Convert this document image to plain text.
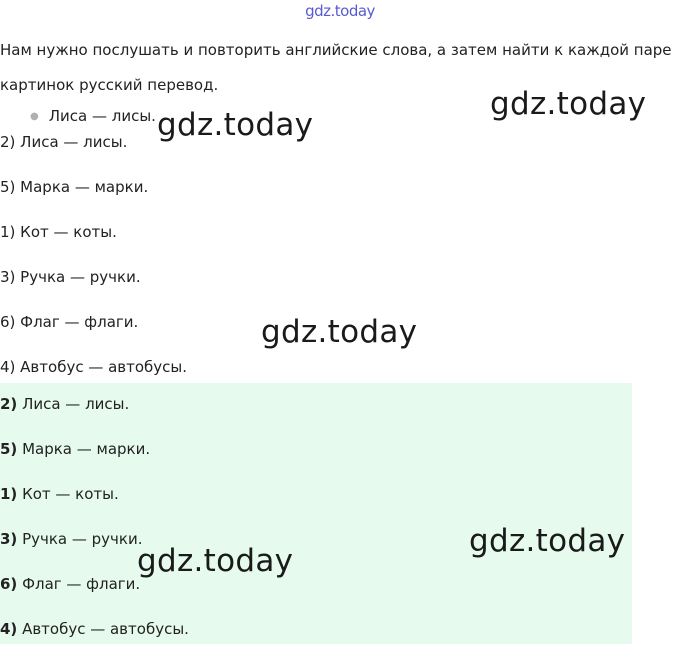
gdz.today
Нам нужно послушать и повторить английские слова, а затем найти к каждой паре картинок русский перевод.
● Лиса — лисы.
2) Лиса — лисы.
5) Марка — марки.
1) Кот — коты.
3) Ручка — ручки.
6) Флаг — флаги.
4) Автобус — автобусы.
2) Лиса — лисы.
5) Марка — марки.
1) Кот — коты.
3) Ручка — ручки.
6) Флаг — флаги.
4) Автобус — автобусы.
gdz.today
gdz.today
gdz.today
gdz.today
gdz.today
